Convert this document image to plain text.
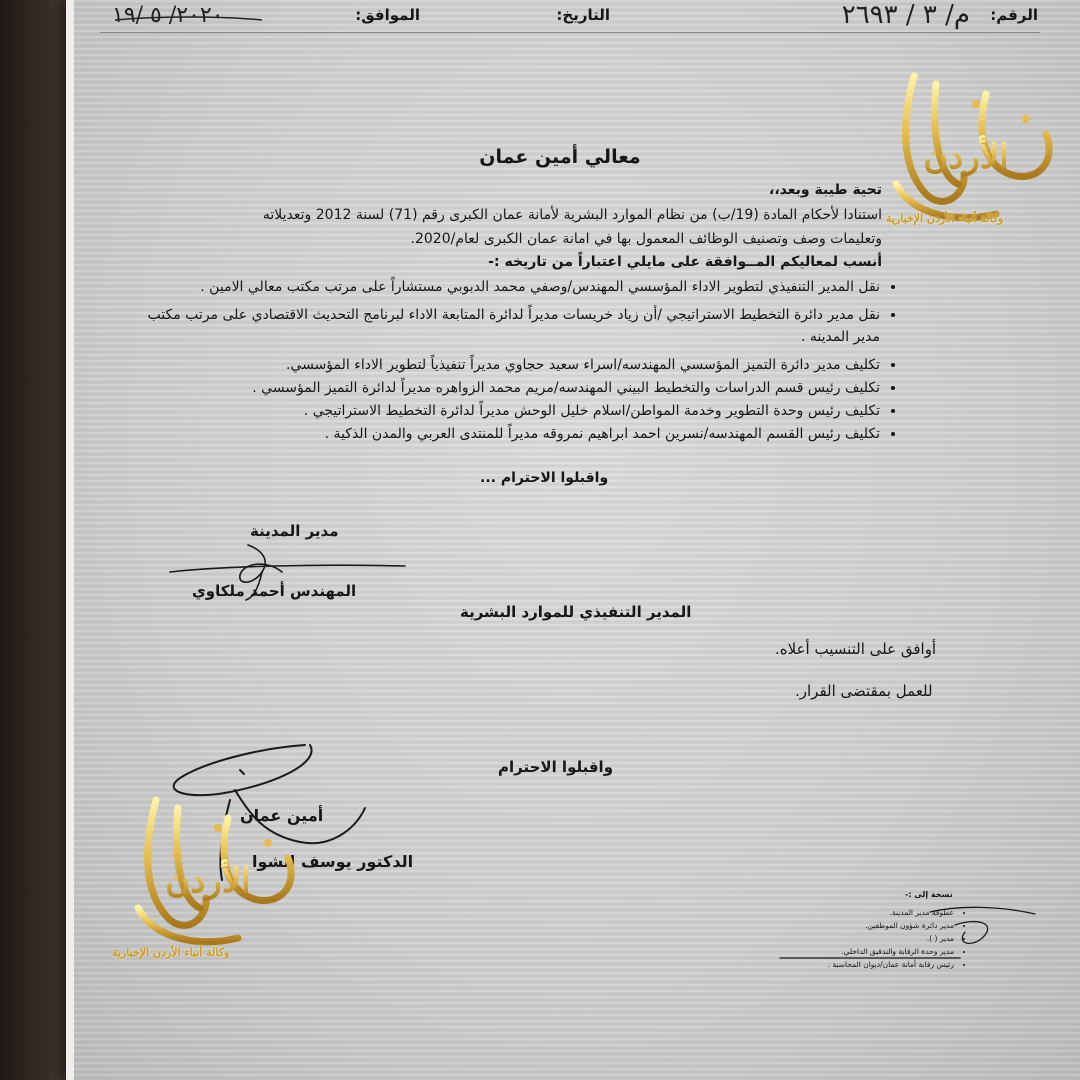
الرقم:
م/ ٣ / ٢٦٩٣
التاريخ:
الموافق:
٢٠٢٠/ ٥ /١٩
معالي أمين عمان
تحية طيبة وبعد،،
استنادا لأحكام المادة (19/ب) من نظام الموارد البشرية لأمانة عمان الكبرى رقم (71) لسنة 2012 وتعديلاته
وتعليمات وصف وتصنيف الوظائف المعمول بها في امانة عمان الكبرى لعام/2020.
أنسب لمعاليكم المــوافقة على مايلي اعتباراً من تاريخه :-
• نقل المدير التنفيذي لتطوير الاداء المؤسسي المهندس/وصفي محمد الدبوبي مستشاراً على مرتب مكتب معالي الامين .
• نقل مدير دائرة التخطيط الاستراتيجي /أن زياد خريسات مديراً لدائرة المتابعة الاداء لبرنامج التحديث الاقتصادي على مرتب مكتب مدير المدينه .
• تكليف مدير دائرة التميز المؤسسي المهندسه/اسراء سعيد حجاوي مديراً تنفيذياً لتطوير الاداء المؤسسي.
• تكليف رئيس قسم الدراسات والتخطيط البيني المهندسه/مريم محمد الزواهره مديراً لدائرة التميز المؤسسي .
• تكليف رئيس وحدة التطوير وخدمة المواطن/اسلام خليل الوحش مديراً لدائرة التخطيط الاستراتيجي .
• تكليف رئيس القسم المهندسه/نسرين احمد ابراهيم نمروقه مديراً للمنتدى العربي والمدن الذكية .
واقبلوا الاحترام ...
مدير المدينة
المهندس أحمد ملكاوي
المدير التنفيذي للموارد البشرية
أوافق على التنسيب أعلاه.
للعمل بمقتضى القرار.
واقبلوا الاحترام
أمين عمان
الدكتور يوسف الشوا
نسخة إلى :-
• عطوفة مدير المدينة.
• مدير دائرة شؤون الموظفين.
• مدير ( ).
• مدير وحدة الرقابة والتدقيق الداخلي.
• رئيس رقابة أمانة عمان/ديوان المحاسبة .
الأردن
وكالة أنباء الأردن الإخبارية
الأردن
وكالة أنباء الأردن الإخبارية
